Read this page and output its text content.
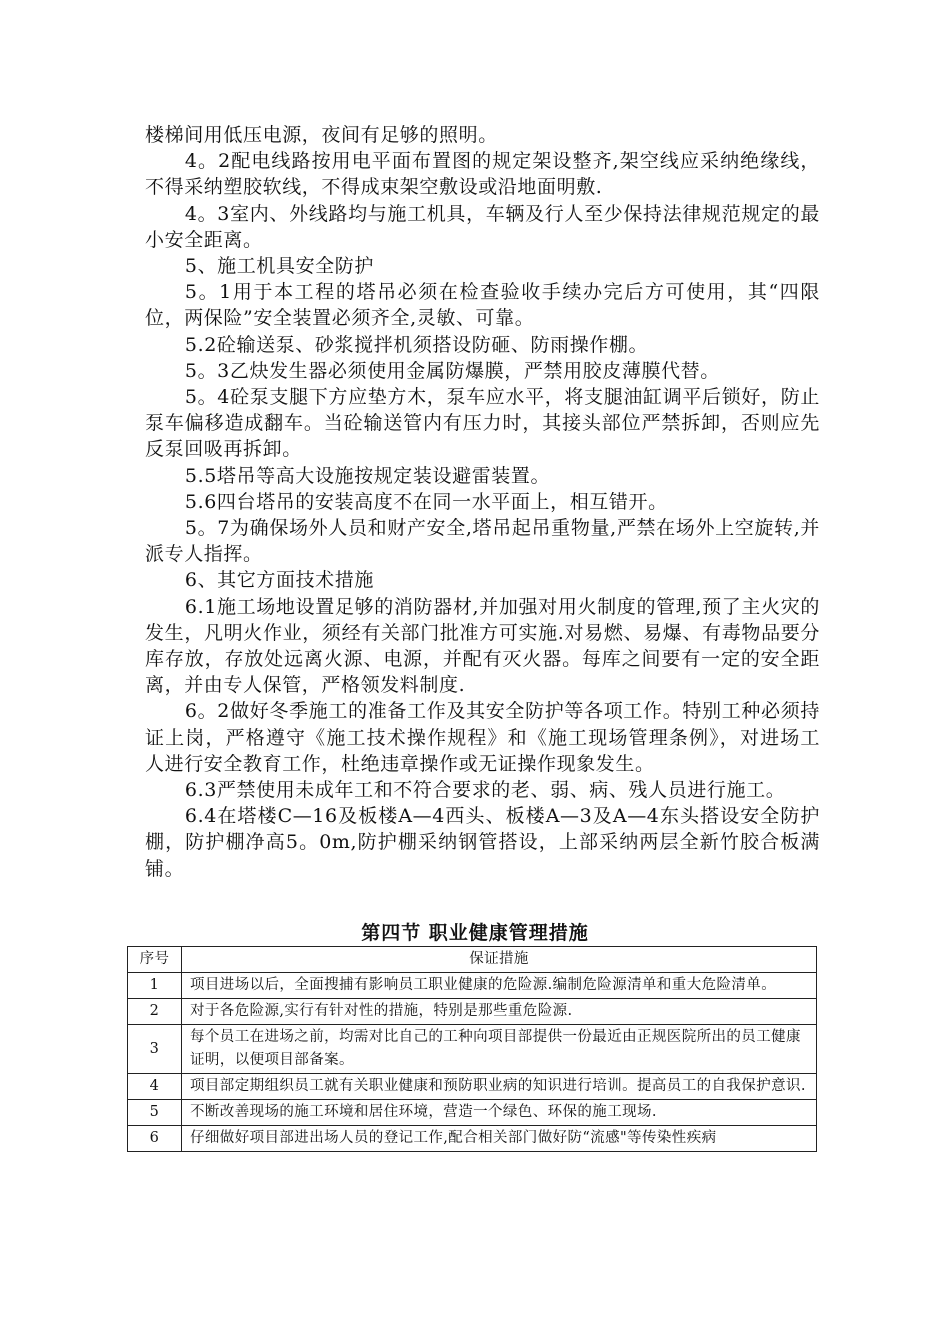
楼梯间用低压电源，夜间有足够的照明。

4。2配电线路按用电平面布置图的规定架设整齐,架空线应采纳绝缘线，不得采纳塑胶软线，不得成束架空敷设或沿地面明敷.

4。3室内、外线路均与施工机具，车辆及行人至少保持法律规范规定的最小安全距离。

5、施工机具安全防护

5。1用于本工程的塔吊必须在检查验收手续办完后方可使用，其“四限位，两保险”安全装置必须齐全,灵敏、可靠。

5.2砼输送泵、砂浆搅拌机须搭设防砸、防雨操作棚。

5。3乙炔发生器必须使用金属防爆膜，严禁用胶皮薄膜代替。

5。4砼泵支腿下方应垫方木，泵车应水平，将支腿油缸调平后锁好，防止泵车偏移造成翻车。当砼输送管内有压力时，其接头部位严禁拆卸，否则应先反泵回吸再拆卸。

5.5塔吊等高大设施按规定装设避雷装置。

5.6四台塔吊的安装高度不在同一水平面上，相互错开。

5。7为确保场外人员和财产安全,塔吊起吊重物量,严禁在场外上空旋转,并派专人指挥。

6、其它方面技术措施

6.1施工场地设置足够的消防器材,并加强对用火制度的管理,预了主火灾的发生，凡明火作业，须经有关部门批准方可实施.对易燃、易爆、有毒物品要分库存放，存放处远离火源、电源，并配有灭火器。每库之间要有一定的安全距离，并由专人保管，严格领发料制度.

6。2做好冬季施工的准备工作及其安全防护等各项工作。特别工种必须持证上岗，严格遵守《施工技术操作规程》和《施工现场管理条例》，对进场工人进行安全教育工作，杜绝违章操作或无证操作现象发生。

6.3严禁使用未成年工和不符合要求的老、弱、病、残人员进行施工。

6.4在塔楼C—16及板楼A—4西头、板楼A—3及A—4东头搭设安全防护棚，防护棚净高5。0m,防护棚采纳钢管搭设，上部采纳两层全新竹胶合板满铺。

第四节 职业健康管理措施
序号	保证措施
1	项目进场以后，全面搜捕有影响员工职业健康的危险源.编制危险源清单和重大危险清单。
2	对于各危险源,实行有针对性的措施，特别是那些重危险源.
3	每个员工在进场之前，均需对比自己的工种向项目部提供一份最近由正规医院所出的员工健康证明，以便项目部备案。
4	项目部定期组织员工就有关职业健康和预防职业病的知识进行培训。提高员工的自我保护意识.
5	不断改善现场的施工环境和居住环境，营造一个绿色、环保的施工现场.
6	仔细做好项目部进出场人员的登记工作,配合相关部门做好防“流感"等传染性疾病
